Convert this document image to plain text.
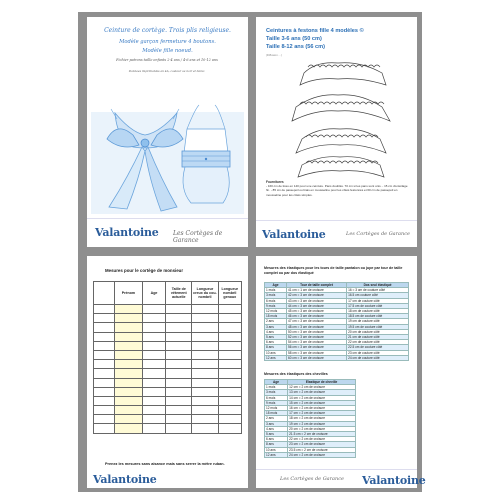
Ceinture de cortège. Trois plis religieuse.
Modèle garçon fermeture 4 boutons.
Modèle fille noeud.
Fichier patrons taille enfants 2-4 ans / 4-6 ans et 10-12 ans
Donnees imprimables en 4A, couleur ou noir et blanc.
Valantoine Les Cortèges de Garance
Ceintures à festons fille 4 modèles ©
Taille 3-6 ans (50 cm)
Taille 8-12 ans (56 cm)
(Diffusion ...)
Fournitures
- 160 cm de tissu en 140 pour une ceinture. Pans doublés. 70 cm si les pans sont unis. - 15 cm d'entoilage fin. - 85 cm de passepoil ou biais en mousseline pour les côtés festonnés et 60 cm de passepoil en mousseline pour les côtés simples.
Valantoine	Les Cortèges de Garance
Mesures pour le cortège de monsieur
	Prénom	Age	Taille de vêtement actuelle	Longueur creux du cou-nombril	Longueur nombril genoux

Prenez les mesures sans aisance mais sans serrer la mètre ruban.
Valantoine
Mesures des élastiques pour les tours de taille pantalon ou jupe par tour de taille complet ou par dos élastiqué
Age	Tour de taille complet	Dos seul élastiqué
1 mois	41 cm = 1 cm de croisure	16 = 3 cm de couture côté
3 mois	42 cm = 3 cm de croisure	16.5 cm couture côté
6 mois	43 cm = 3 cm de croisure	17 cm de couture côté
9 mois	44 cm = 3 cm de croisure	17.5 cm de couture côté
12 mois	45 cm = 3 cm de croisure	18 cm de couture côté
18 mois	46 cm = 3 cm de croisure	18.5 cm de couture côté
2 ans	47 cm = 3 cm de croisure	19 cm de couture côté
3 ans	48 cm = 3 cm de croisure	19.5 cm de couture côté
4 ans	50 cm = 3 cm de croisure	20 cm de couture côté
5 ans	52 cm = 3 cm de croisure	21 cm de couture côté
6 ans	54 cm = 3 cm de croisure	22 cm de couture côté
8 ans	56 cm = 3 cm de croisure	22.5 cm de couture côté
10 ans	58 cm = 3 cm de croisure	23 cm de couture côté
12 ans	60 cm = 3 cm de croisure	24 cm de couture côté
Mesures des élastiques des chevilles
Age	Elastique de cheville
1 mois	12 cm = 2 cm de croisure
3 mois	13 cm = 2 cm de croisure
6 mois	14 cm = 2 cm de croisure
9 mois	15 cm = 2 cm de croisure
12 mois	16 cm = 2 cm de croisure
18 mois	17 cm = 2 cm de croisure
2 ans	18 cm = 2 cm de croisure
3 ans	19 cm = 2 cm de croisure
4 ans	20 cm = 2 cm de croisure
5 ans	21.5 cm = 2 cm de croisure
6 ans	22 cm = 2 cm de croisure
8 ans	23 cm = 2 cm de croisure
10 ans	23.5 cm = 2 cm de croisure
12 ans	24 cm = 2 cm de croisure
Les Cortèges de Garance Valantoine
